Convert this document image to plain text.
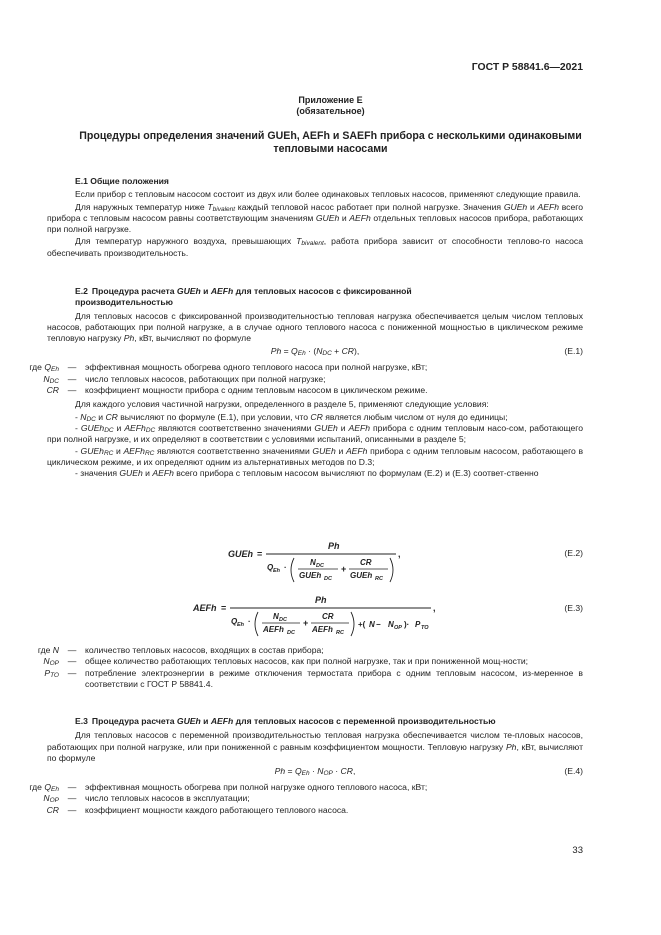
ГОСТ Р 58841.6—2021
Приложение Е
(обязательное)
Процедуры определения значений GUEh, AEFh и SAEFh прибора с несколькими одинаковыми
тепловыми насосами

Е.1 Общие положения

Если прибор с тепловым насосом состоит из двух или более одинаковых тепловых насосов, применяют следующие правила.

Для наружных температур ниже $T_{bivalent}$ каждый тепловой насос работает при полной нагрузке. Значения GUEh и AEFh всего прибора с тепловым насосом равны соответствующим значениям GUEh и AEFh отдельных тепловых насосов прибора, работающих при полной нагрузке.

Для температур наружного воздуха, превышающих $T_{bivalent}$, работа прибора зависит от способности теплово-го насоса обеспечивать производительность.

Е.2 Процедура расчета GUEh и AEFh для тепловых насосов с фиксированной
производительностью

Для тепловых насосов с фиксированной производительностью тепловая нагрузка обеспечивается целым числом тепловых насосов, работающих при полной нагрузке, а в случае одного теплового насоса с пониженной мощностью в циклическом режиме тепловую нагрузку Ph, кВт, вычисляют по формуле

$Ph = Q_{Eh} \cdot (N_{DC} + CR)$,	(Е.1)
где $Q_{Eh}$	—	эффективная мощность обогрева одного теплового насоса при полной нагрузке, кВт;
$N_{DC}$	—	число тепловых насосов, работающих при полной нагрузке;
CR	—	коэффициент мощности прибора с одним тепловым насосом в циклическом режиме.

Для каждого условия частичной нагрузки, определенного в разделе 5, применяют следующие условия:

- $N_{DC}$ и CR вычисляют по формуле (Е.1), при условии, что CR является любым числом от нуля до единицы;

- GUEh$_{DC}$ и AEFh$_{DC}$ являются соответственно значениями GUEh и AEFh прибора с одним тепловым насо-сом, работающего при полной нагрузке, и их определяют в соответствии с условиями испытаний, описанными в разделе 5;

- GUEh$_{RC}$ и AEFh$_{RC}$ являются соответственно значениями GUEh и AEFh прибора с одним тепловым насосом, работающего в циклическом режиме, и их определяют одним из альтернативных методов по D.3;

- значения GUEh и AEFh всего прибора с тепловым насосом вычисляют по формулам (Е.2) и (Е.3) соответ-ственно

GUEh =
Ph
Q Eh ·
N DC
GUEh DC
+
CR
GUEh RC
,	(Е.2)
AEFh =
Ph
Q Eh ·
N DC
AEFh DC
+
CR
AEFh RC
+( N − N OP )· P TO
,	(Е.3)
где N	—	количество тепловых насосов, входящих в состав прибора;
$N_{OP}$	—	общее количество работающих тепловых насосов, как при полной нагрузке, так и при пониженной мощ-ности;
$P_{TO}$	—	потребление электроэнергии в режиме отключения термостата прибора с одним тепловым насосом, из-меренное в соответствии с ГОСТ Р 58841.4.

Е.3 Процедура расчета GUEh и AEFh для тепловых насосов с переменной производительностью

Для тепловых насосов с переменной производительностью тепловая нагрузка обеспечивается числом те-пловых насосов, работающих при полной нагрузке, или при пониженной с равным коэффициентом мощности. Тепловую нагрузку Ph, кВт, вычисляют по формуле

$Ph = Q_{Eh} \cdot N_{OP}$ · CR,	(Е.4)
где $Q_{Eh}$	—	эффективная мощность обогрева при полной нагрузке одного теплового насоса, кВт;
$N_{OP}$	—	число тепловых насосов в эксплуатации;
CR	—	коэффициент мощности каждого работающего теплового насоса.
33
